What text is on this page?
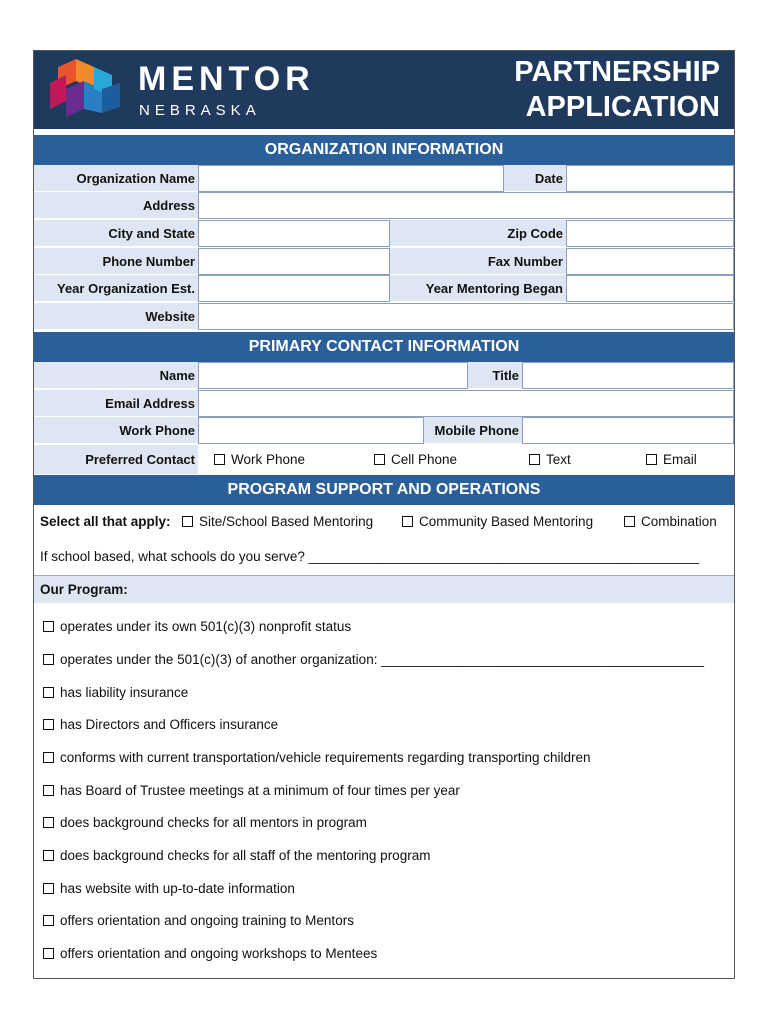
MENTOR
NEBRASKA
PARTNERSHIP
APPLICATION
ORGANIZATION INFORMATION
Organization Name	Date
Address
City and State	Zip Code
Phone Number	Fax Number
Year Organization Est.	Year Mentoring Began
Website
PRIMARY CONTACT INFORMATION
Name	Title
Email Address
Work Phone	Mobile Phone
Preferred Contact	Work Phone	Cell Phone	Text	Email
PROGRAM SUPPORT AND OPERATIONS
Select all that apply:	Site/School Based Mentoring	Community Based Mentoring	Combination
If school based, what schools do you serve? ____________________________________________________
Our Program:
operates under its own 501(c)(3) nonprofit status
operates under the 501(c)(3) of another organization: ___________________________________________
has liability insurance
has Directors and Officers insurance
conforms with current transportation/vehicle requirements regarding transporting children
has Board of Trustee meetings at a minimum of four times per year
does background checks for all mentors in program
does background checks for all staff of the mentoring program
has website with up-to-date information
offers orientation and ongoing training to Mentors
offers orientation and ongoing workshops to Mentees
